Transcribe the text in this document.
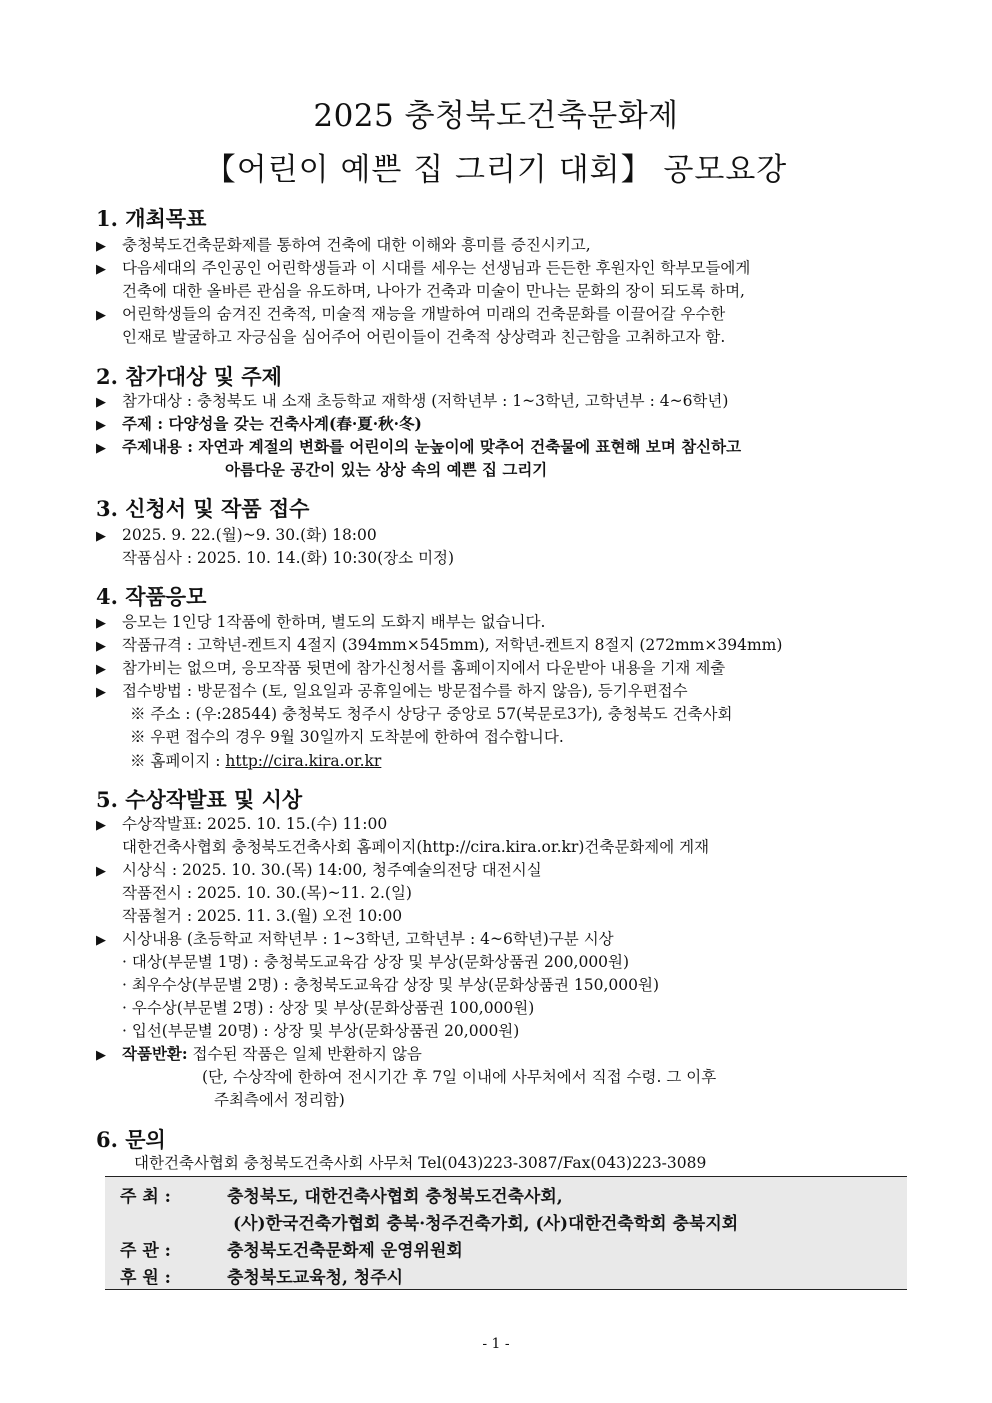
2025 충청북도건축문화제
【어린이 예쁜 집 그리기 대회】 공모요강
1. 개최목표
▶ 충청북도건축문화제를 통하여 건축에 대한 이해와 흥미를 증진시키고,
▶ 다음세대의 주인공인 어린학생들과 이 시대를 세우는 선생님과 든든한 후원자인 학부모들에게
건축에 대한 올바른 관심을 유도하며, 나아가 건축과 미술이 만나는 문화의 장이 되도록 하며,
▶ 어린학생들의 숨겨진 건축적, 미술적 재능을 개발하여 미래의 건축문화를 이끌어갈 우수한
인재로 발굴하고 자긍심을 심어주어 어린이들이 건축적 상상력과 친근함을 고취하고자 함.
2. 참가대상 및 주제
▶ 참가대상 : 충청북도 내 소재 초등학교 재학생 (저학년부 : 1~3학년, 고학년부 : 4~6학년)
▶ 주제 : 다양성을 갖는 건축사계(春·夏·秋·冬)
▶ 주제내용 : 자연과 계절의 변화를 어린이의 눈높이에 맞추어 건축물에 표현해 보며 참신하고
아름다운 공간이 있는 상상 속의 예쁜 집 그리기
3. 신청서 및 작품 접수
▶ 2025. 9. 22.(월)~9. 30.(화) 18:00
작품심사 : 2025. 10. 14.(화) 10:30(장소 미정)
4. 작품응모
▶ 응모는 1인당 1작품에 한하며, 별도의 도화지 배부는 없습니다.
▶ 작품규격 : 고학년-켄트지 4절지 (394mm×545mm), 저학년-켄트지 8절지 (272mm×394mm)
▶ 참가비는 없으며, 응모작품 뒷면에 참가신청서를 홈페이지에서 다운받아 내용을 기재 제출
▶ 접수방법 : 방문접수 (토, 일요일과 공휴일에는 방문접수를 하지 않음), 등기우편접수
※ 주소 : (우:28544) 충청북도 청주시 상당구 중앙로 57(북문로3가), 충청북도 건축사회
※ 우편 접수의 경우 9월 30일까지 도착분에 한하여 접수합니다.
※ 홈페이지 : http://cira.kira.or.kr
5. 수상작발표 및 시상
▶ 수상작발표: 2025. 10. 15.(수) 11:00
대한건축사협회 충청북도건축사회 홈페이지(http://cira.kira.or.kr)건축문화제에 게재
▶ 시상식 : 2025. 10. 30.(목) 14:00, 청주예술의전당 대전시실
작품전시 : 2025. 10. 30.(목)~11. 2.(일)
작품철거 : 2025. 11. 3.(월) 오전 10:00
▶ 시상내용 (초등학교 저학년부 : 1~3학년, 고학년부 : 4~6학년)구분 시상
· 대상(부문별 1명) : 충청북도교육감 상장 및 부상(문화상품권 200,000원)
· 최우수상(부문별 2명) : 충청북도교육감 상장 및 부상(문화상품권 150,000원)
· 우수상(부문별 2명) : 상장 및 부상(문화상품권 100,000원)
· 입선(부문별 20명) : 상장 및 부상(문화상품권 20,000원)
▶ 작품반환: 접수된 작품은 일체 반환하지 않음
(단, 수상작에 한하여 전시기간 후 7일 이내에 사무처에서 직접 수령. 그 이후
주최측에서 정리함)
6. 문의
대한건축사협회 충청북도건축사회 사무처 Tel(043)223-3087/Fax(043)223-3089
주 최 :	충청북도, 대한건축사협회 충청북도건축사회,
(사)한국건축가협회 충북·청주건축가회, (사)대한건축학회 충북지회
주 관 :	충청북도건축문화제 운영위원회
후 원 :	충청북도교육청, 청주시
- 1 -
